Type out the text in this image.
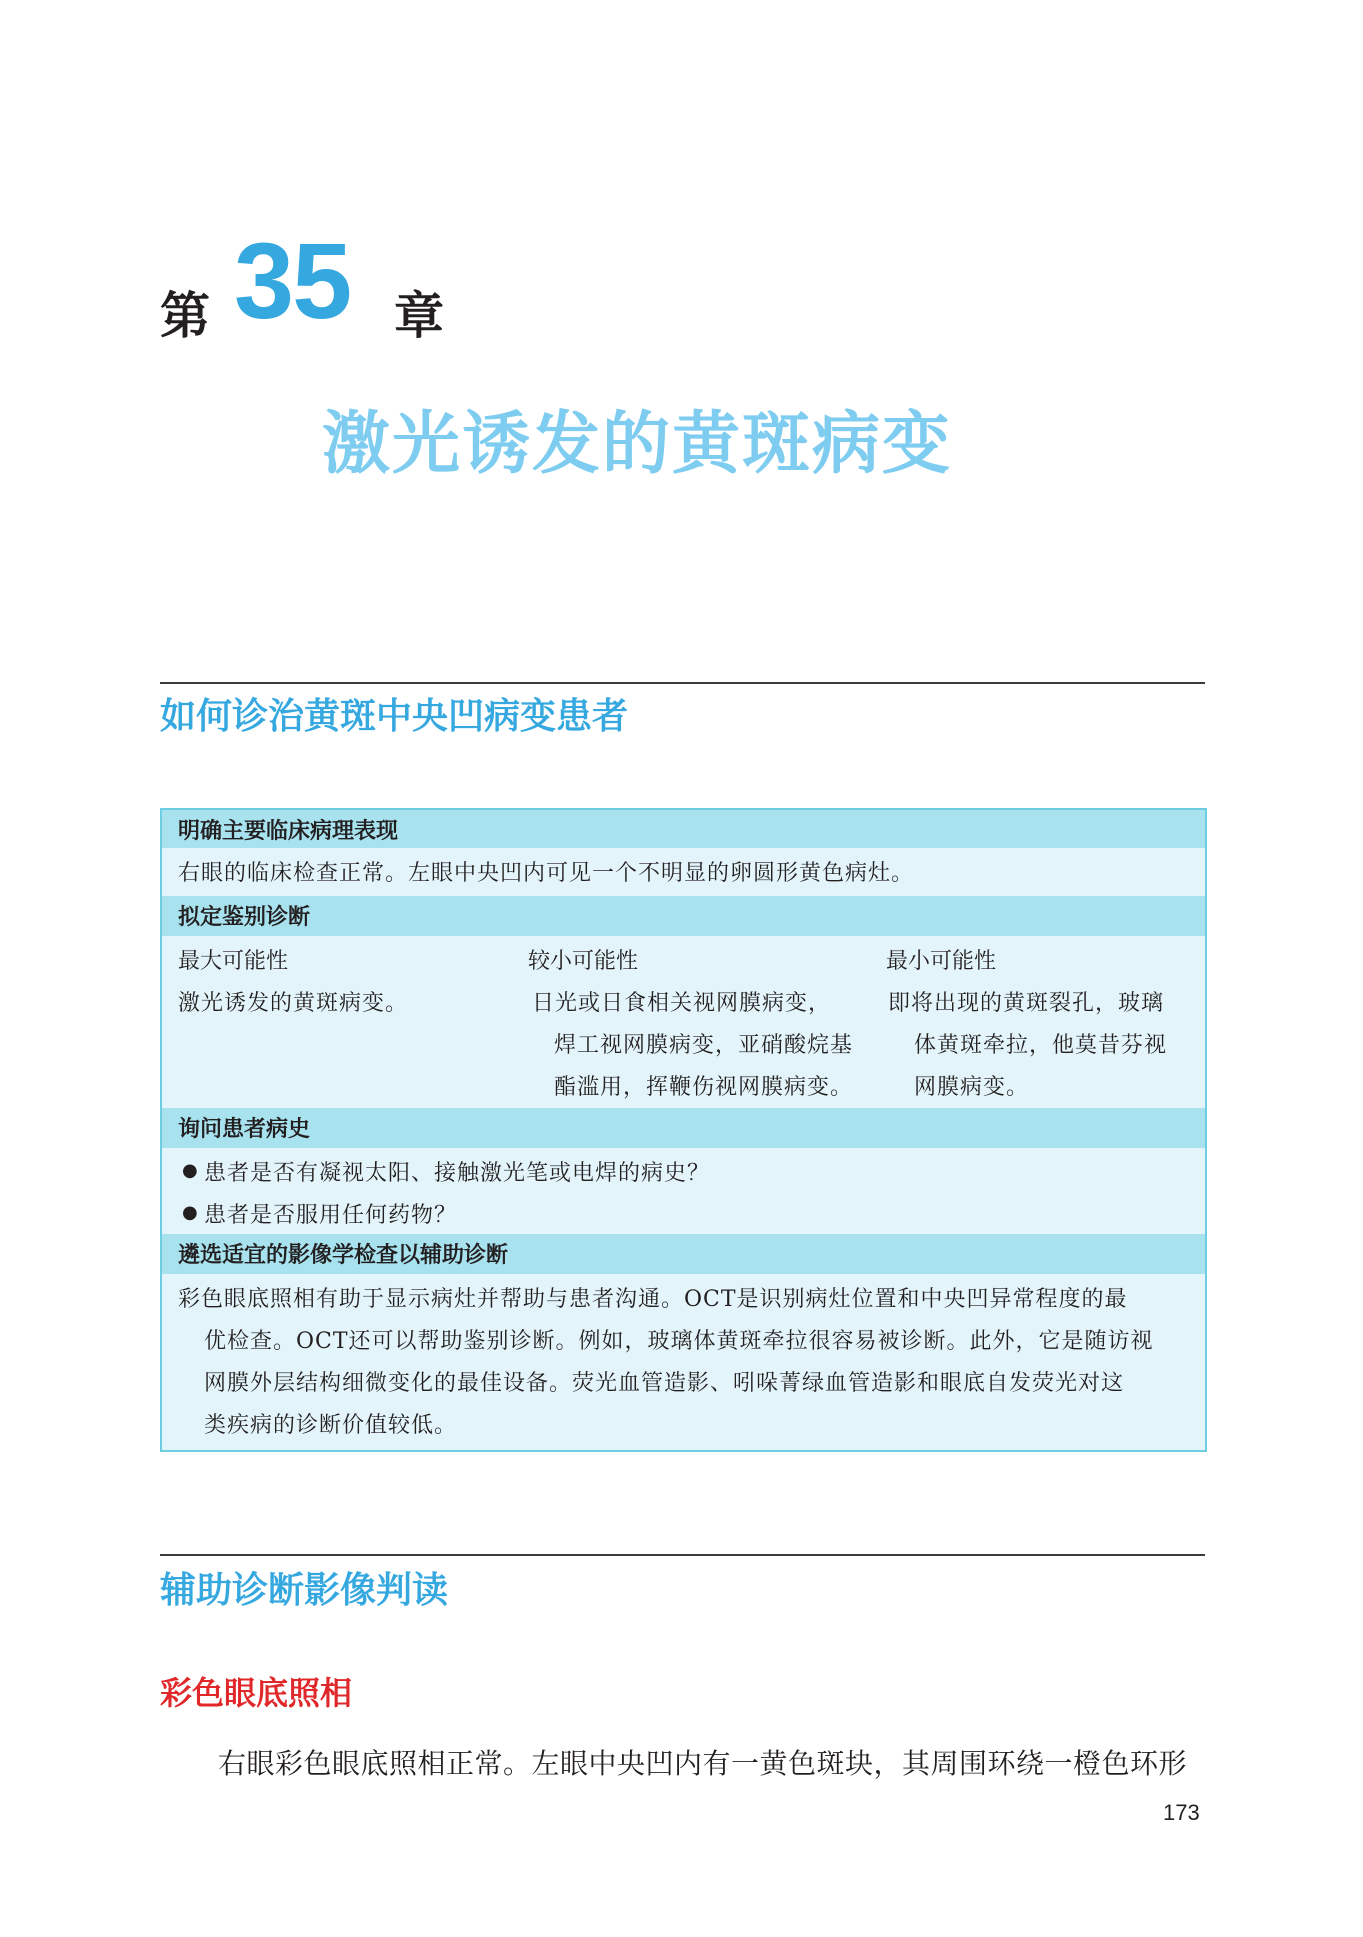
第 35 章
激光诱发的黄斑病变
如何诊治黄斑中央凹病变患者
明确主要临床病理表现
右眼的临床检查正常。左眼中央凹内可见一个不明显的卵圆形黄色病灶。
拟定鉴别诊断
最大可能性
激光诱发的黄斑病变。
较小可能性
日光或日食相关视网膜病变，
焊工视网膜病变，亚硝酸烷基
酯滥用，挥鞭伤视网膜病变。
最小可能性
即将出现的黄斑裂孔，玻璃
体黄斑牵拉，他莫昔芬视
网膜病变。
询问患者病史
● 患者是否有凝视太阳、接触激光笔或电焊的病史？
● 患者是否服用任何药物？
遴选适宜的影像学检查以辅助诊断
彩色眼底照相有助于显示病灶并帮助与患者沟通。OCT是识别病灶位置和中央凹异常程度的最
优检查。OCT还可以帮助鉴别诊断。例如，玻璃体黄斑牵拉很容易被诊断。此外，它是随访视
网膜外层结构细微变化的最佳设备。荧光血管造影、吲哚菁绿血管造影和眼底自发荧光对这
类疾病的诊断价值较低。
辅助诊断影像判读
彩色眼底照相
右眼彩色眼底照相正常。左眼中央凹内有一黄色斑块，其周围环绕一橙色环形
173
